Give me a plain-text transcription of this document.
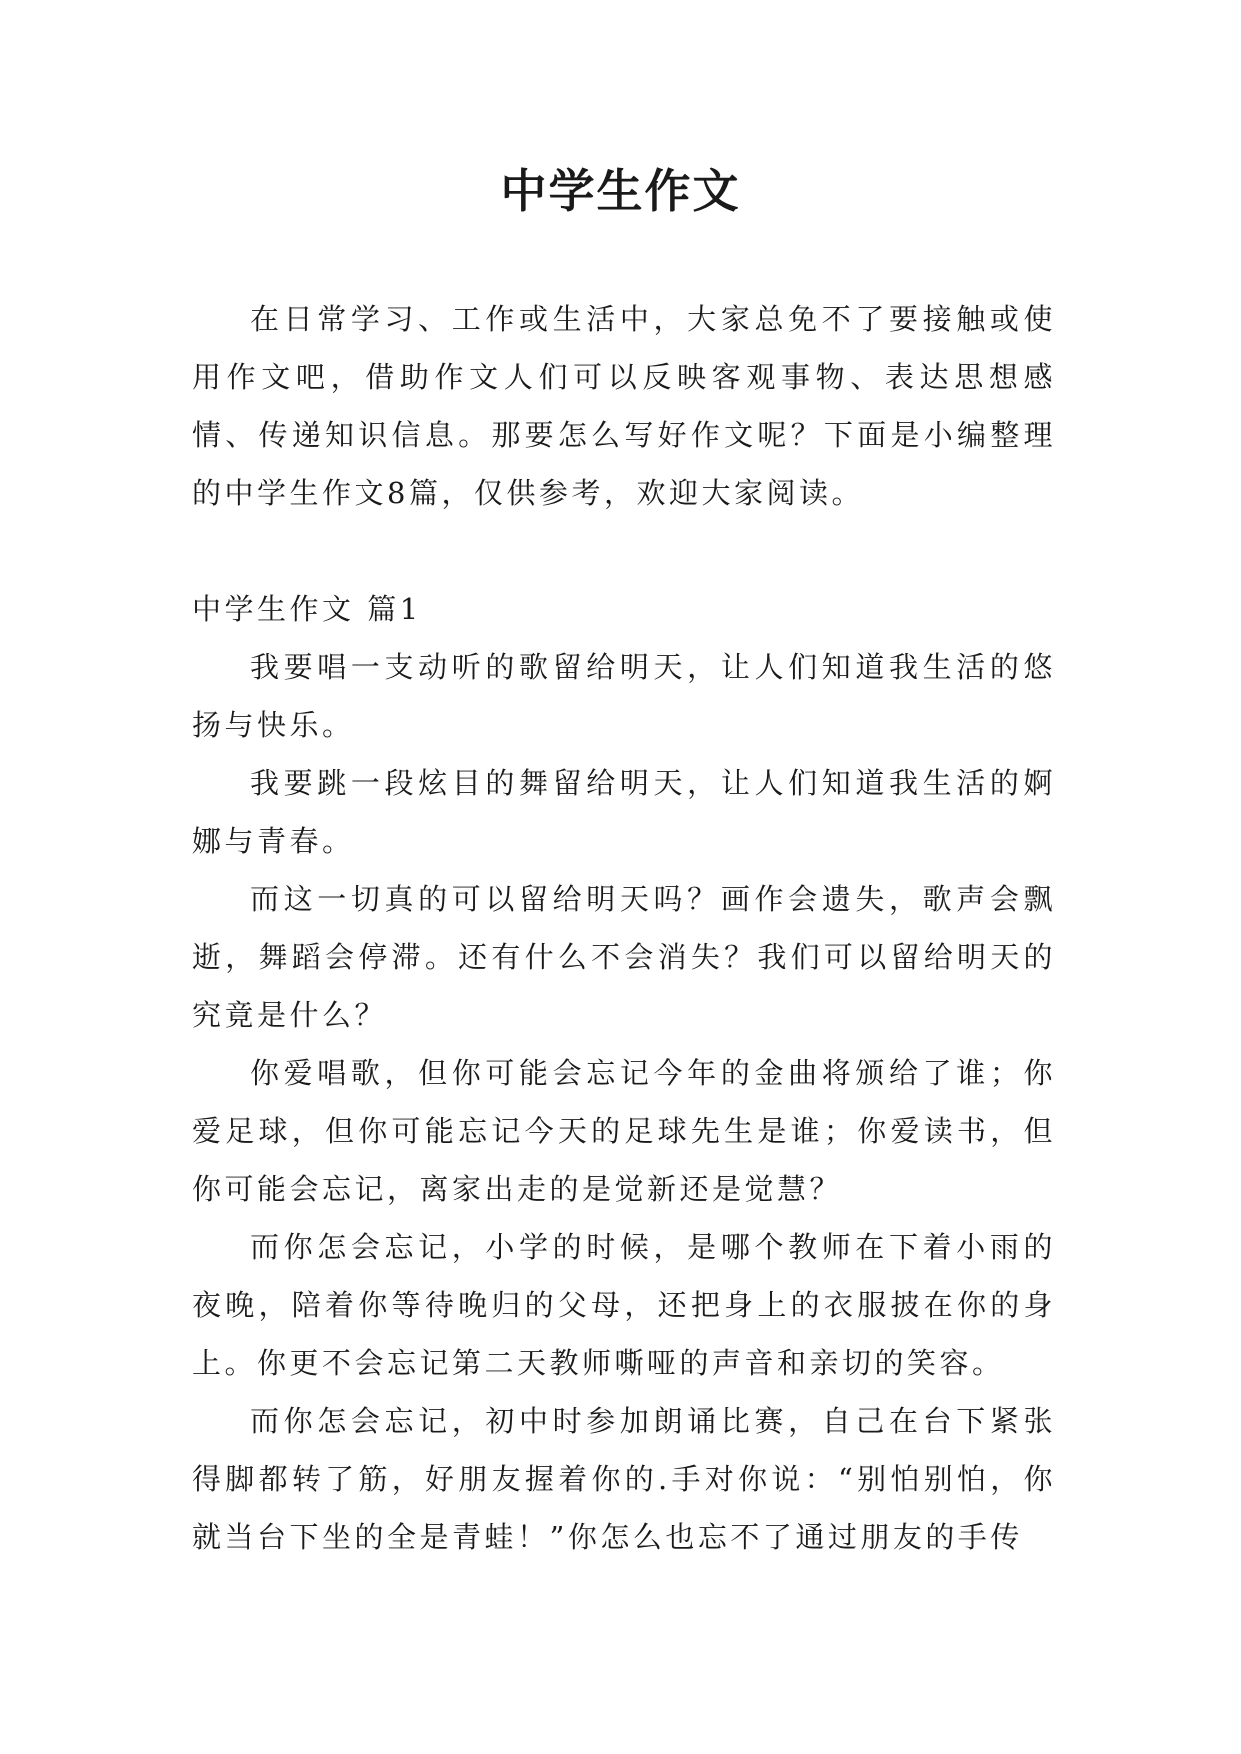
中学生作文

在日常学习、工作或生活中，大家总免不了要接触或使用作文吧，借助作文人们可以反映客观事物、表达思想感情、传递知识信息。那要怎么写好作文呢？下面是小编整理的中学生作文8篇，仅供参考，欢迎大家阅读。

中学生作文 篇1

我要唱一支动听的歌留给明天，让人们知道我生活的悠扬与快乐。

我要跳一段炫目的舞留给明天，让人们知道我生活的婀娜与青春。

而这一切真的可以留给明天吗？画作会遗失，歌声会飘逝，舞蹈会停滞。还有什么不会消失？我们可以留给明天的究竟是什么？

你爱唱歌，但你可能会忘记今年的金曲将颁给了谁；你爱足球，但你可能忘记今天的足球先生是谁；你爱读书，但你可能会忘记，离家出走的是觉新还是觉慧？

而你怎会忘记，小学的时候，是哪个教师在下着小雨的夜晚，陪着你等待晚归的父母，还把身上的衣服披在你的身上。你更不会忘记第二天教师嘶哑的声音和亲切的笑容。

而你怎会忘记，初中时参加朗诵比赛，自己在台下紧张得脚都转了筋，好朋友握着你的.手对你说：“别怕别怕，你就当台下坐的全是青蛙！”你怎么也忘不了通过朋友的手传
